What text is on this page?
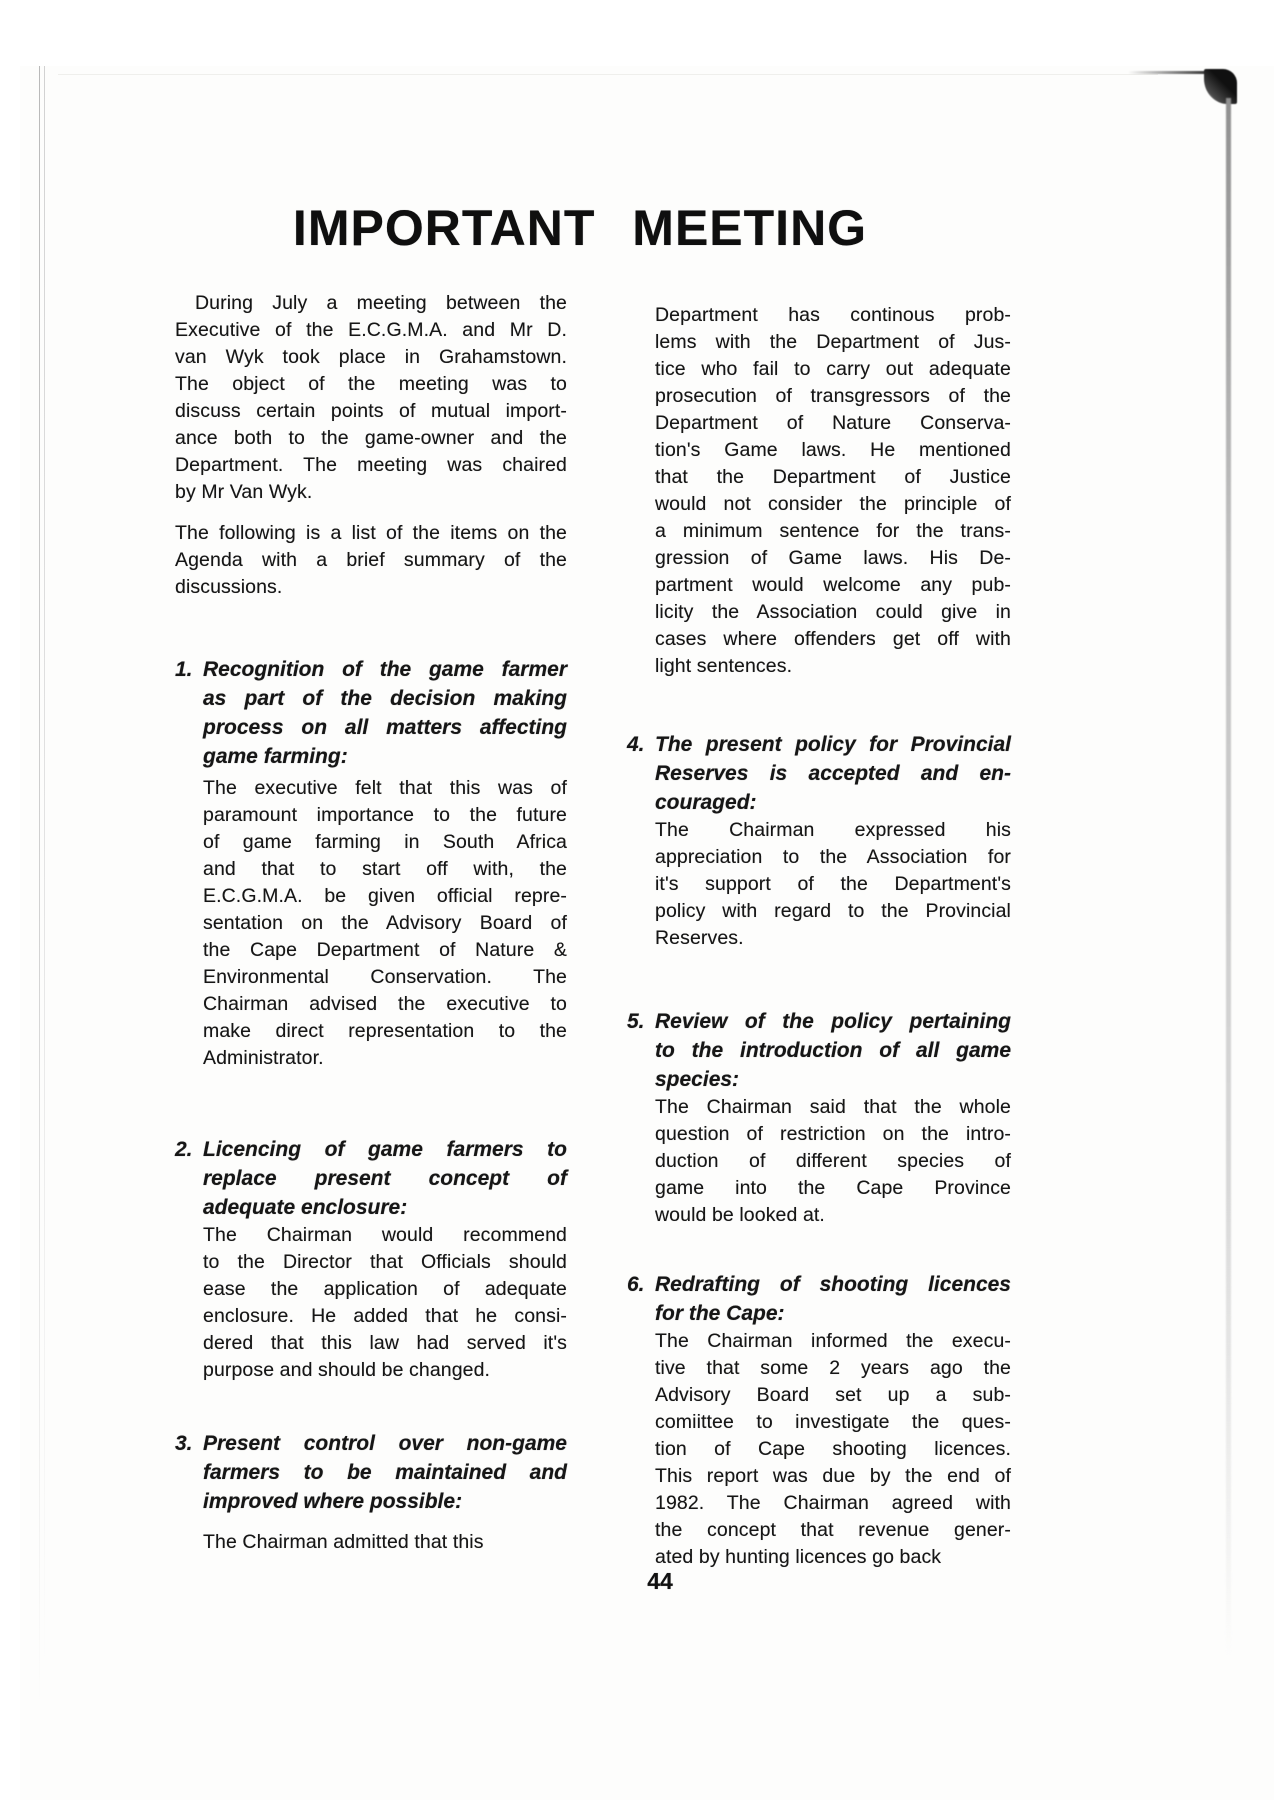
IMPORTANT MEETING
During July a meeting between the
Executive of the E.C.G.M.A. and Mr D.
van Wyk took place in Grahamstown.
The object of the meeting was to
discuss certain points of mutual import-
ance both to the game-owner and the
Department. The meeting was chaired
by Mr Van Wyk.
The following is a list of the items on the
Agenda with a brief summary of the
discussions.
1. Recognition of the game farmer
as part of the decision making
process on all matters affecting
game farming:
The executive felt that this was of
paramount importance to the future
of game farming in South Africa
and that to start off with, the
E.C.G.M.A. be given official repre-
sentation on the Advisory Board of
the Cape Department of Nature &
Environmental Conservation. The
Chairman advised the executive to
make direct representation to the
Administrator.
2. Licencing of game farmers to
replace present concept of
adequate enclosure:
The Chairman would recommend
to the Director that Officials should
ease the application of adequate
enclosure. He added that he consi-
dered that this law had served it's
purpose and should be changed.
3. Present control over non-game
farmers to be maintained and
improved where possible:
The Chairman admitted that this
Department has continous prob-
lems with the Department of Jus-
tice who fail to carry out adequate
prosecution of transgressors of the
Department of Nature Conserva-
tion's Game laws. He mentioned
that the Department of Justice
would not consider the principle of
a minimum sentence for the trans-
gression of Game laws. His De-
partment would welcome any pub-
licity the Association could give in
cases where offenders get off with
light sentences.
4. The present policy for Provincial
Reserves is accepted and en-
couraged:
The Chairman expressed his
appreciation to the Association for
it's support of the Department's
policy with regard to the Provincial
Reserves.
5. Review of the policy pertaining
to the introduction of all game
species:
The Chairman said that the whole
question of restriction on the intro-
duction of different species of
game into the Cape Province
would be looked at.
6. Redrafting of shooting licences
for the Cape:
The Chairman informed the execu-
tive that some 2 years ago the
Advisory Board set up a sub-
comiittee to investigate the ques-
tion of Cape shooting licences.
This report was due by the end of
1982. The Chairman agreed with
the concept that revenue gener-
ated by hunting licences go back
44
